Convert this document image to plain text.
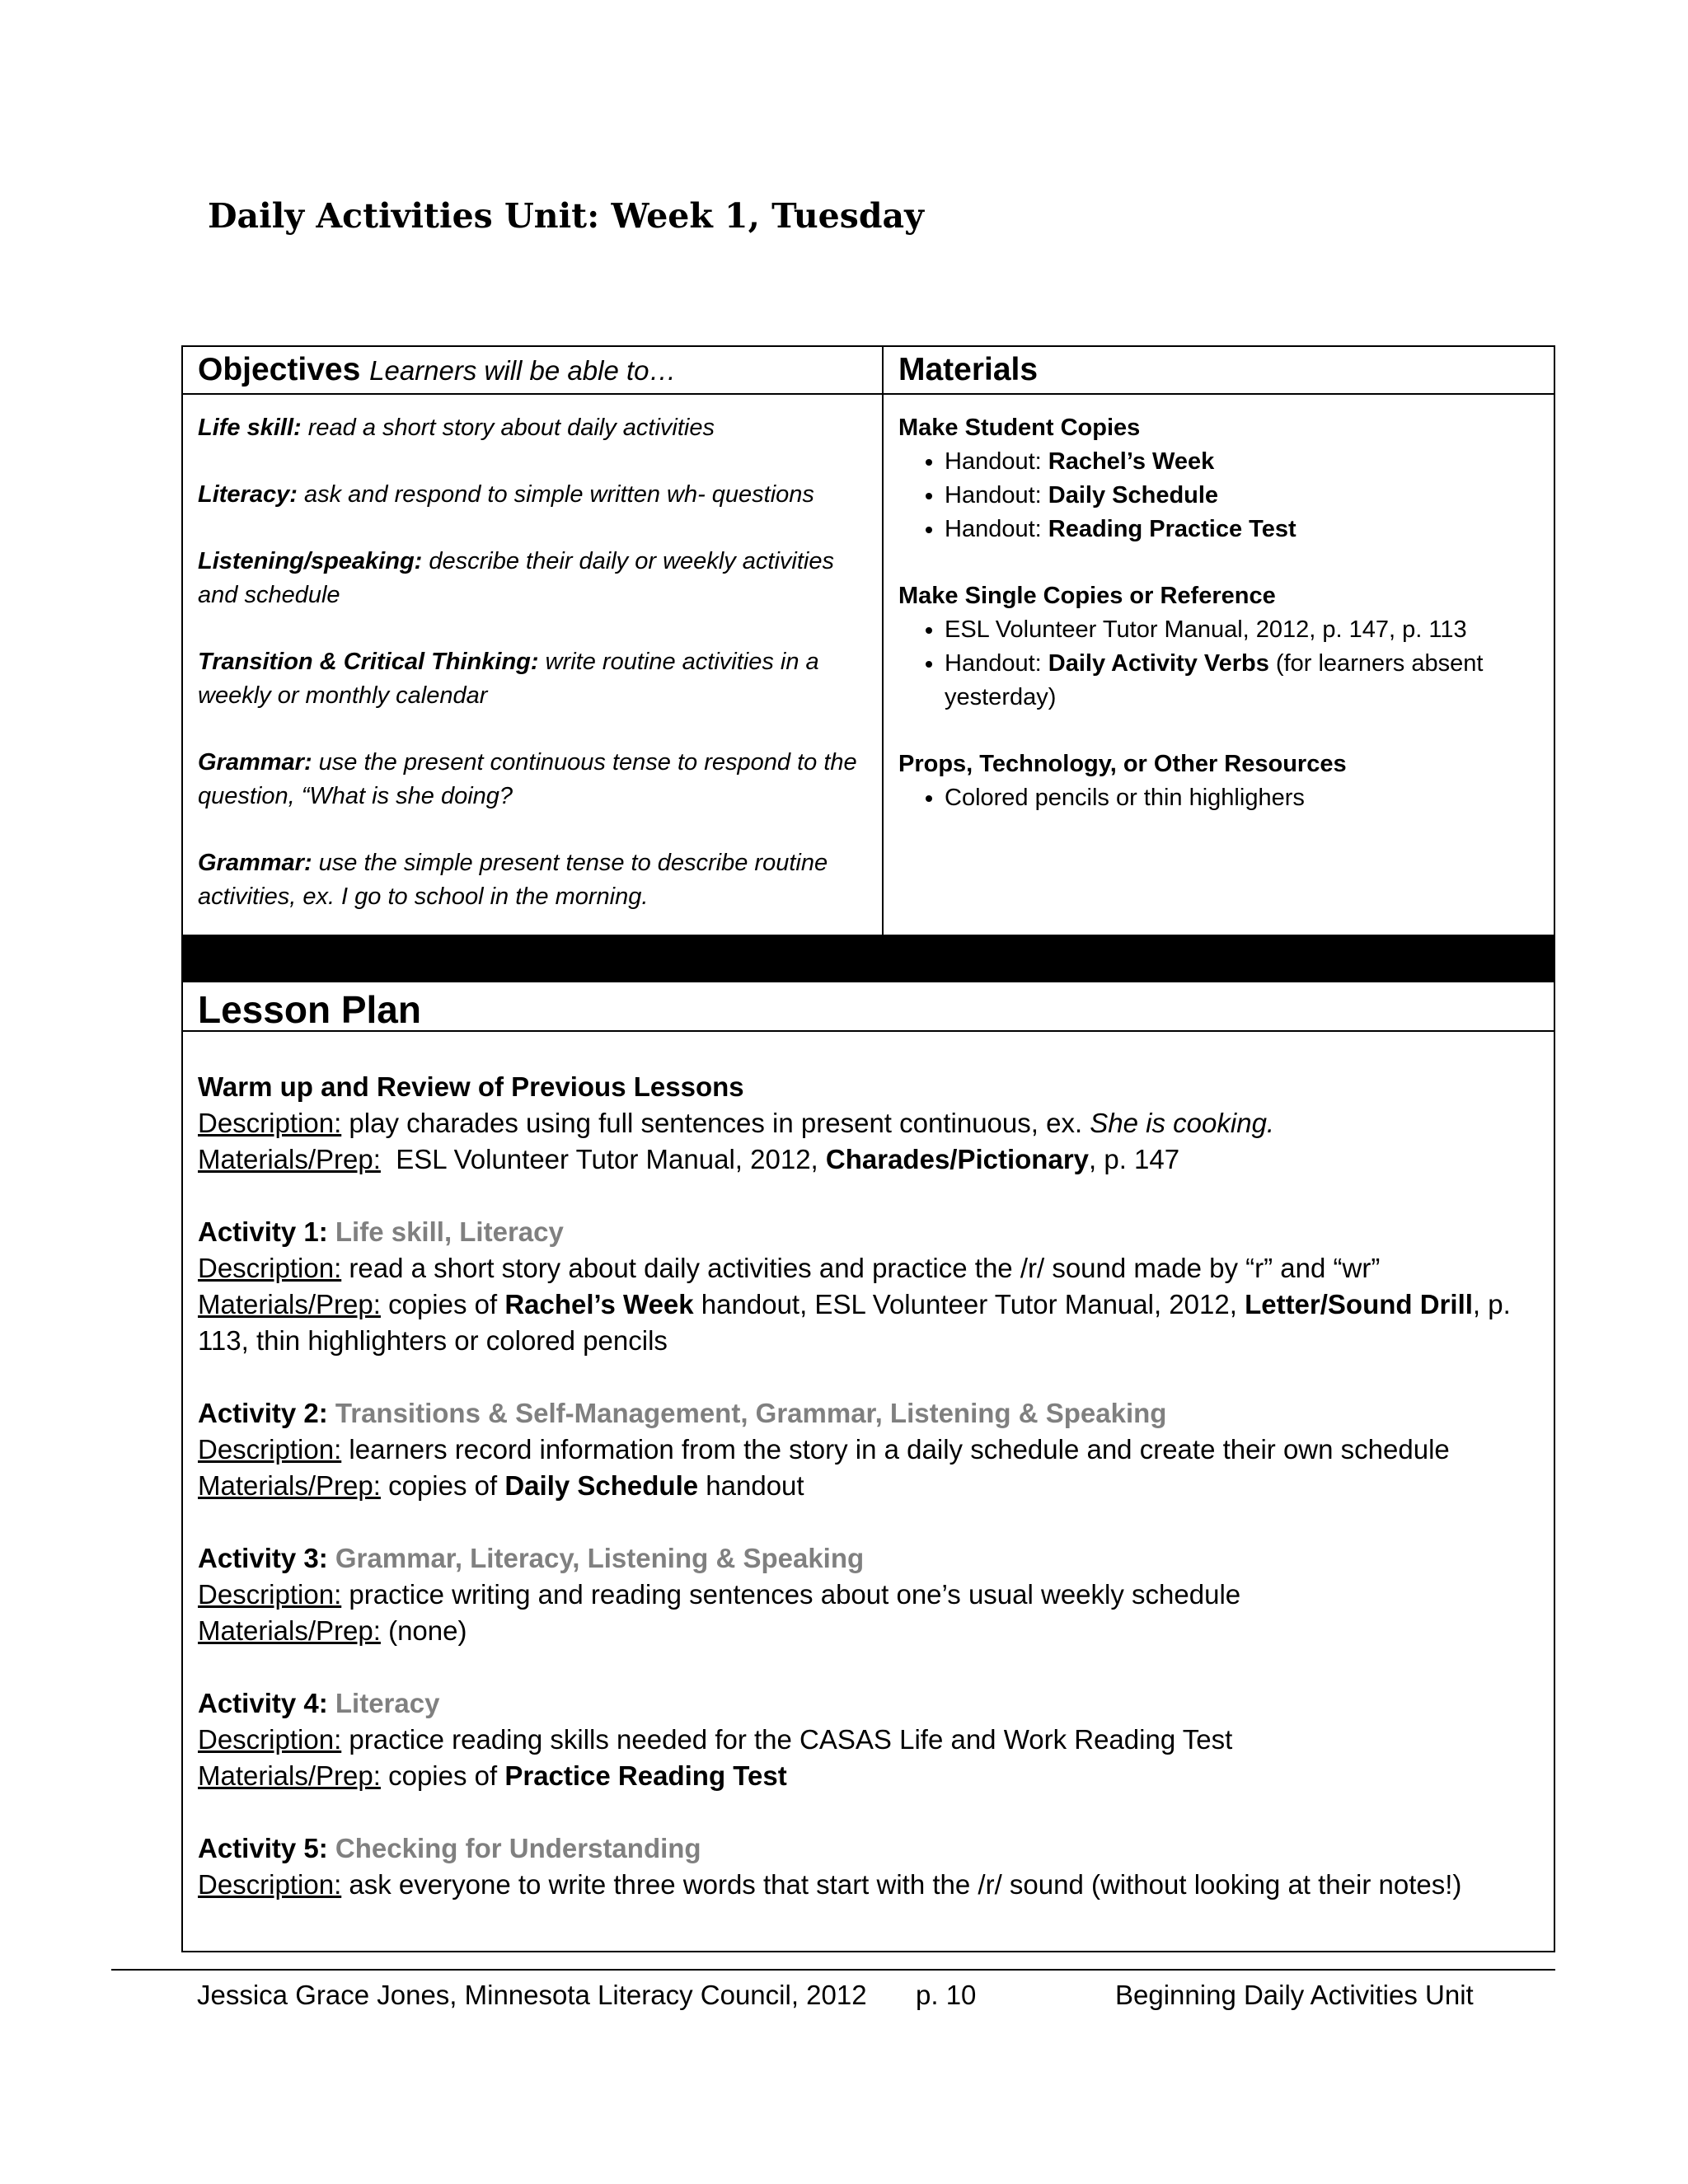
Daily Activities Unit: Week 1, Tuesday
Objectives Learners will be able to…	Materials

Life skill: read a short story about daily activities

Literacy: ask and respond to simple written wh- questions

Listening/speaking: describe their daily or weekly activities and schedule

Transition & Critical Thinking: write routine activities in a weekly or monthly calendar

Grammar: use the present continuous tense to respond to the question, “What is she doing?

Grammar: use the simple present tense to describe routine activities, ex. I go to school in the morning.

Make Student Copies
• Handout: Rachel’s Week
• Handout: Daily Schedule
• Handout: Reading Practice Test
Make Single Copies or Reference
• ESL Volunteer Tutor Manual, 2012, p. 147, p. 113
• Handout: Daily Activity Verbs (for learners absent yesterday)
Props, Technology, or Other Resources
• Colored pencils or thin highlighers
Lesson Plan
Warm up and Review of Previous Lessons
Description: play charades using full sentences in present continuous, ex. She is cooking.
Materials/Prep:  ESL Volunteer Tutor Manual, 2012, Charades/Pictionary, p. 147
Activity 1: Life skill, Literacy
Description: read a short story about daily activities and practice the /r/ sound made by “r” and “wr”
Materials/Prep: copies of Rachel’s Week handout, ESL Volunteer Tutor Manual, 2012, Letter/Sound Drill, p. 113, thin highlighters or colored pencils
Activity 2: Transitions & Self-Management, Grammar, Listening & Speaking
Description: learners record information from the story in a daily schedule and create their own schedule
Materials/Prep: copies of Daily Schedule handout
Activity 3: Grammar, Literacy, Listening & Speaking
Description: practice writing and reading sentences about one’s usual weekly schedule
Materials/Prep: (none)
Activity 4: Literacy
Description: practice reading skills needed for the CASAS Life and Work Reading Test
Materials/Prep: copies of Practice Reading Test
Activity 5: Checking for Understanding
Description: ask everyone to write three words that start with the /r/ sound (without looking at their notes!)
Jessica Grace Jones, Minnesota Literacy Council, 2012 p. 10	Beginning Daily Activities Unit
